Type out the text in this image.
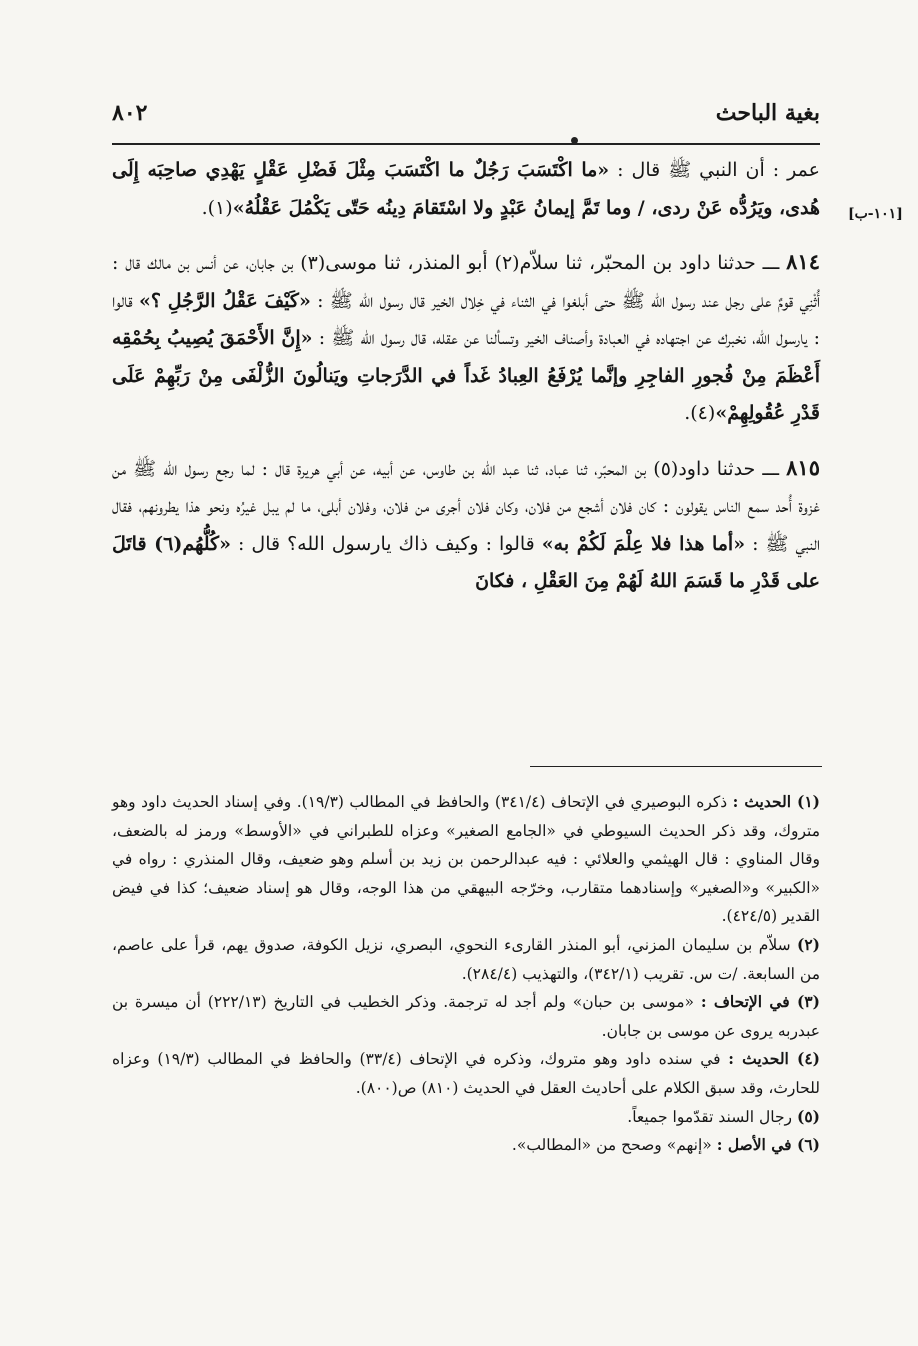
بغية الباحث
٨٠٢
[١٠١-ب]

عمر : أن النبي ﷺ قال : «ما اكْتَسَبَ رَجُلٌ ما اكْتَسَبَ مِثْلَ فَضْلِ عَقْلٍ يَهْدِي صاحِبَه إِلَى هُدى، ويَرُدُّه عَنْ ردى، / وما تَمَّ إيمانُ عَبْدٍ ولا اسْتَقامَ دِينُه حَتّى يَكْمُلَ عَقْلُهُ»(١).

٨١٤ ـــ حدثنا داود بن المحبّر، ثنا سلاّم(٢) أبو المنذر، ثنا موسى(٣) بن جابان، عن أنس بن مالك قال : أُثْنِي قومٌ على رجل عند رسول الله ﷺ حتى أبلغوا في الثناء في خِلال الخير قال رسول الله ﷺ : «كَيْفَ عَقْلُ الرَّجُلِ ؟» قالوا : يارسول الله، نخبرك عن اجتهاده في العبادة وأصناف الخير وتسألنا عن عقله، قال رسول الله ﷺ : «إِنَّ الأَحْمَقَ يُصِيبُ بِحُمْقِه أَعْظَمَ مِنْ فُجورِ الفاجِرِ وإنَّما يُرْفَعُ العِبادُ غَداً في الدَّرَجاتِ ويَنالُونَ الزُّلْفَى مِنْ رَبِّهِمْ عَلَى قَدْرِ عُقُولِهِمْ»(٤).

٨١٥ ـــ حدثنا داود(٥) بن المحبّر، ثنا عباد، ثنا عبد الله بن طاوس، عن أبيه، عن أبي هريرة قال : لما رجع رسول الله ﷺ من غزوة أُحد سمع الناس يقولون : كان فلان أشجع من فلان، وكان فلان أجرى من فلان، وفلان أبلى، ما لم يبل غيرُه ونحو هذا يطرونهم، فقال النبي ﷺ : «أما هذا فلا عِلْمَ لَكُمْ به» قالوا : وكيف ذاك يارسول الله؟ قال : «كُلُّهُم(٦) قاتَلَ على قَدْرِ ما قَسَمَ اللهُ لَهُمْ مِنَ العَقْلِ ، فكانَ

(١) الحديث : ذكره البوصيري في الإتحاف (٣٤١/٤) والحافظ في المطالب (١٩/٣). وفي إسناد الحديث داود وهو متروك، وقد ذكر الحديث السيوطي في «الجامع الصغير» وعزاه للطبراني في «الأوسط» ورمز له بالضعف، وقال المناوي : قال الهيثمي والعلائي : فيه عبدالرحمن بن زيد بن أسلم وهو ضعيف، وقال المنذري : رواه في «الكبير» و«الصغير» وإسنادهما متقارب، وخرّجه البيهقي من هذا الوجه، وقال هو إسناد ضعيف؛ كذا في فيض القدير (٤٢٤/٥).

(٢) سلاّم بن سليمان المزني، أبو المنذر القارىء النحوي، البصري، نزيل الكوفة، صدوق يهم، قرأ على عاصم، من السابعة. /ت س. تقريب (٣٤٢/١)، والتهذيب (٢٨٤/٤).

(٣) في الإتحاف : «موسى بن حبان» ولم أجد له ترجمة. وذكر الخطيب في التاريخ (٢٢٢/١٣) أن ميسرة بن عبدربه يروى عن موسى بن جابان.

(٤) الحديث : في سنده داود وهو متروك، وذكره في الإتحاف (٣٣/٤) والحافظ في المطالب (١٩/٣) وعزاه للحارث، وقد سبق الكلام على أحاديث العقل في الحديث (٨١٠) ص(٨٠٠).

(٥) رجال السند تقدّموا جميعاً.

(٦) في الأصل : «إنهم» وصحح من «المطالب».
